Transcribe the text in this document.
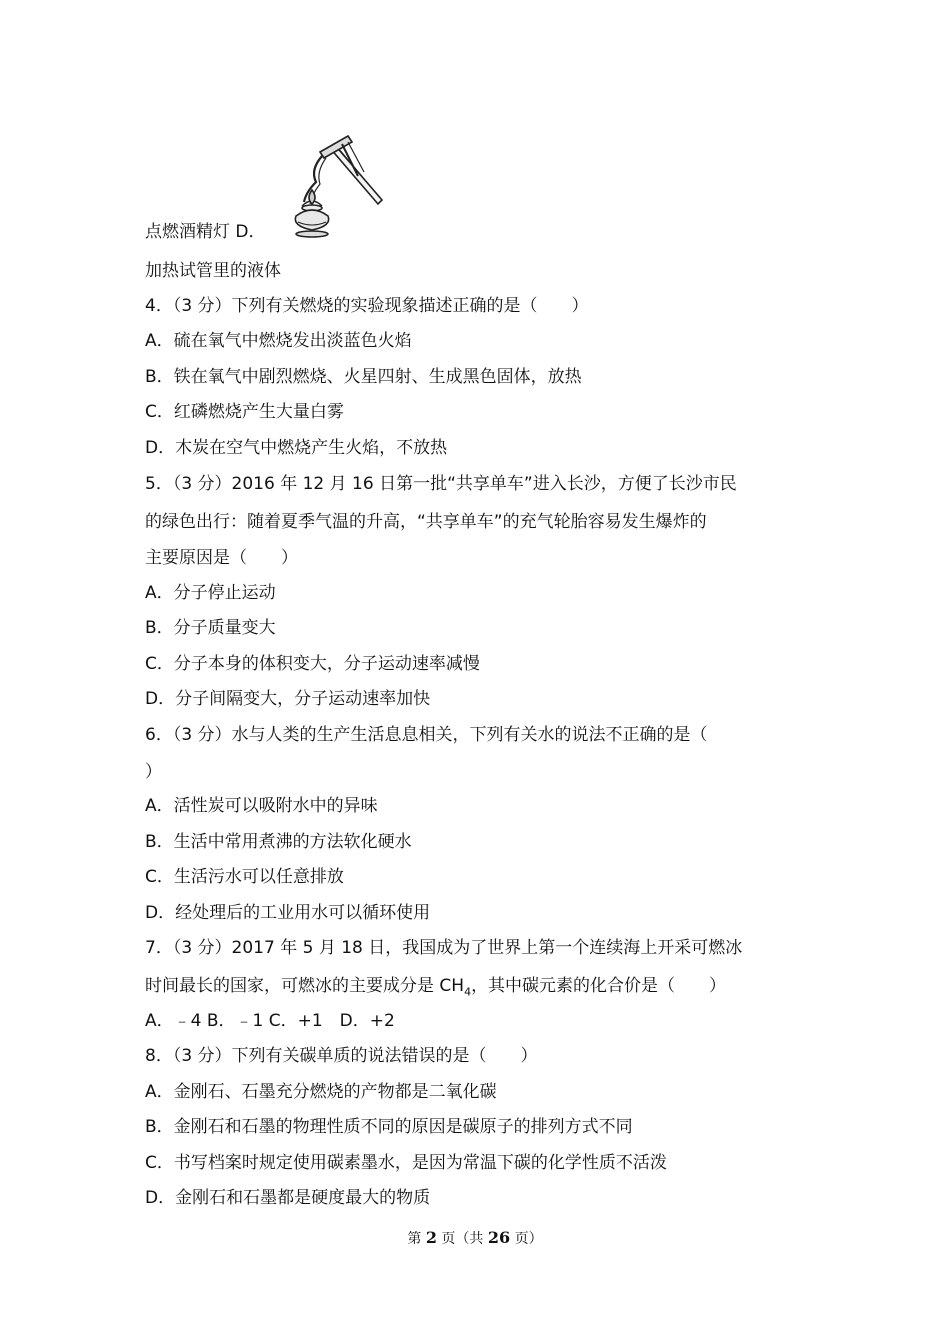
点燃酒精灯 D．
加热试管里的液体
4．（3 分）下列有关燃烧的实验现象描述正确的是（　　）
A．硫在氧气中燃烧发出淡蓝色火焰
B．铁在氧气中剧烈燃烧、火星四射、生成黑色固体，放热
C．红磷燃烧产生大量白雾
D．木炭在空气中燃烧产生火焰，不放热
5．（3 分）2016 年 12 月 16 日第一批“共享单车”进入长沙，方便了长沙市民
的绿色出行：随着夏季气温的升高，“共享单车”的充气轮胎容易发生爆炸的
主要原因是（　　）
A．分子停止运动
B．分子质量变大
C．分子本身的体积变大，分子运动速率减慢
D．分子间隔变大，分子运动速率加快
6．（3 分）水与人类的生产生活息息相关，下列有关水的说法不正确的是（
）
A．活性炭可以吸附水中的异味
B．生活中常用煮沸的方法软化硬水
C．生活污水可以任意排放
D．经处理后的工业用水可以循环使用
7．（3 分）2017 年 5 月 18 日，我国成为了世界上第一个连续海上开采可燃冰
时间最长的国家，可燃冰的主要成分是 $CH_4$，其中碳元素的化合价是（　　）
A．﹣4 B．﹣1 C．+1　D．+2
8．（3 分）下列有关碳单质的说法错误的是（　　）
A．金刚石、石墨充分燃烧的产物都是二氧化碳
B．金刚石和石墨的物理性质不同的原因是碳原子的排列方式不同
C．书写档案时规定使用碳素墨水，是因为常温下碳的化学性质不活泼
D．金刚石和石墨都是硬度最大的物质
第 2 页（共 26 页）
